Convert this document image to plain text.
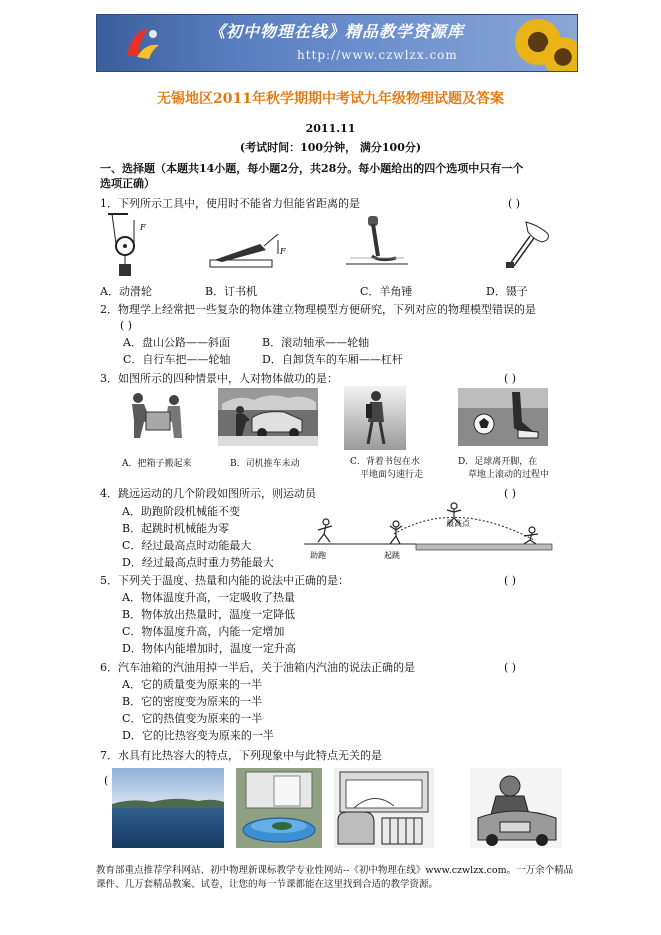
《初中物理在线》精品教学资源库
http://www.czwlzx.com
无锡地区2011年秋学期期中考试九年级物理试题及答案
2011.11
(考试时间：100分钟， 满分100分)
一、选择题（本题共14小题，每小题2分，共28分。每小题给出的四个选项中只有一个
选项正确）
1．下列所示工具中，使用时不能省力但能省距离的是	( )
F
F
A．动滑轮	B．订书机	C．羊角锤	D．镊子
2．物理学上经常把一些复杂的物体建立物理模型方便研究，下列对应的物理模型错误的是
( )
A．盘山公路——斜面	B．滚动轴承——轮轴
C．自行车把——轮轴	D．自卸货车的车厢——杠杆
3．如图所示的四种情景中，人对物体做功的是：	( )
A．把箱子搬起来	B．司机推车未动	C．背着书包在水
平地面匀速行走
D．足球离开脚，在
草地上滚动的过程中
4．跳远运动的几个阶段如图所示，则运动员	( )
A．助跑阶段机械能不变
B．起跳时机械能为零
C．经过最高点时动能最大
D．经过最高点时重力势能最大
最高点
助跑	起跳
5．下列关于温度、热量和内能的说法中正确的是：	( )
A．物体温度升高，一定吸收了热量
B．物体放出热量时，温度一定降低
C．物体温度升高，内能一定增加
D．物体内能增加时，温度一定升高
6．汽车油箱的汽油用掉一半后，关于油箱内汽油的说法正确的是	( )
A．它的质量变为原来的一半
B．它的密度变为原来的一半
C．它的热值变为原来的一半
D．它的比热容变为原来的一半
7．水具有比热容大的特点，下列现象中与此特点无关的是
(
教育部重点推荐学科网站、初中物理新课标教学专业性网站--《初中物理在线》www.czwlzx.com。一万余个精品课件、几万套精品教案、试卷，让您的每一节课都能在这里找到合适的教学资源。
